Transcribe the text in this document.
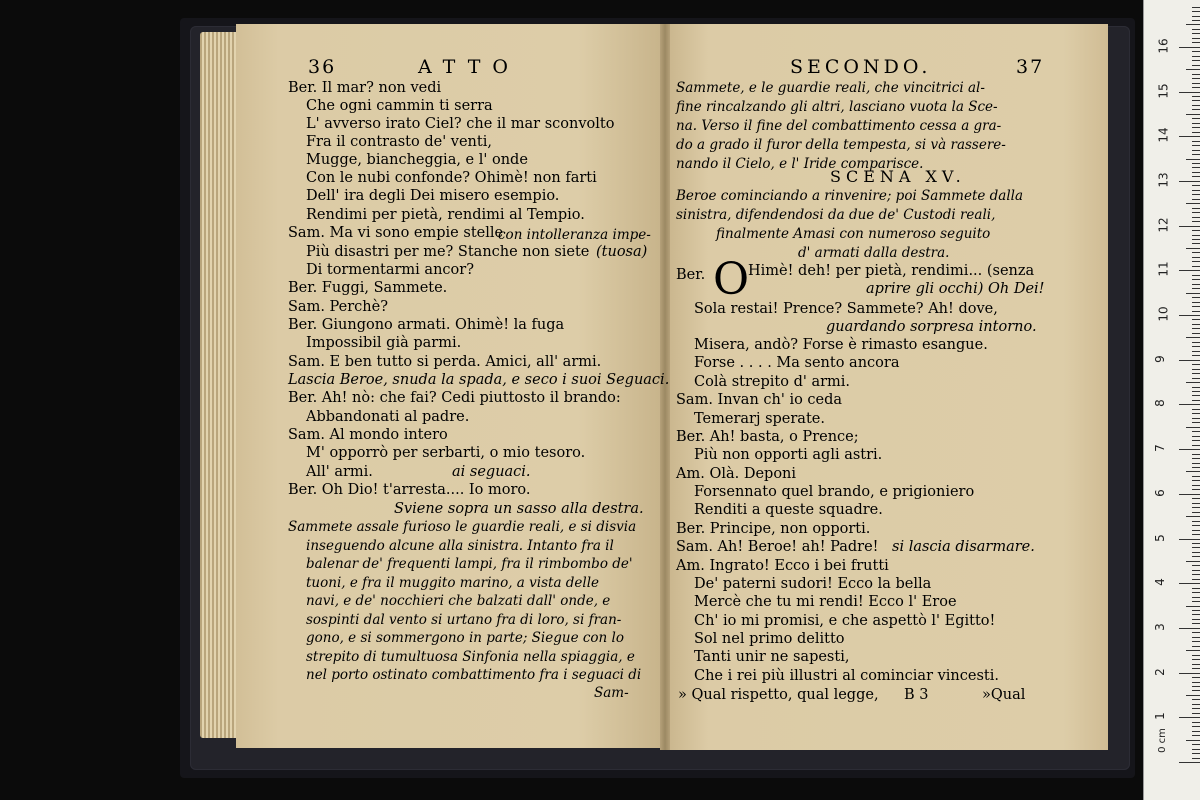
36	ATTO
Ber. Il mar? non vedi
Che ogni cammin ti serra
L' avverso irato Ciel? che il mar sconvolto
Fra il contrasto de' venti,
Mugge, biancheggia, e l' onde
Con le nubi confonde? Ohimè! non farti
Dell' ira degli Dei misero esempio.
Rendimi per pietà, rendimi al Tempio.
Sam. Ma vi sono empie stelle
con intolleranza impe-
Più disastri per me? Stanche non siete (tuosa)
Di tormentarmi ancor?
Ber. Fuggi, Sammete.
Sam. Perchè?
Ber. Giungono armati. Ohimè! la fuga
Impossibil già parmi.
Sam. E ben tutto si perda. Amici, all' armi.
Lascia Beroe, snuda la spada, e seco i suoi Seguaci.
Ber. Ah! nò: che fai? Cedi piuttosto il brando:
Abbandonati al padre.
Sam. Al mondo intero
M' opporrò per serbarti, o mio tesoro.
All' armi.	ai seguaci.
Ber. Oh Dio! t'arresta.... Io moro.
Sviene sopra un sasso alla destra.
Sammete assale furioso le guardie reali, e si disvia
inseguendo alcune alla sinistra. Intanto fra il
balenar de' frequenti lampi, fra il rimbombo de'
tuoni, e fra il muggito marino, a vista delle
navi, e de' nocchieri che balzati dall' onde, e
sospinti dal vento si urtano fra di loro, si fran-
gono, e si sommergono in parte; Siegue con lo
strepito di tumultuosa Sinfonia nella spiaggia, e
nel porto ostinato combattimento fra i seguaci di
Sam-
SECONDO.	37
Sammete, e le guardie reali, che vincitrici al-
fine rincalzando gli altri, lasciano vuota la Sce-
na. Verso il fine del combattimento cessa a gra-
do a grado il furor della tempesta, si và rassere-
nando il Cielo, e l' Iride comparisce.
SCENA XV.
Beroe cominciando a rinvenire; poi Sammete dalla
sinistra, difendendosi da due de' Custodi reali,
finalmente Amasi con numeroso seguito
d' armati dalla destra.
Ber. O
Himè! deh! per pietà, rendimi... (senza
aprire gli occhi) Oh Dei!
Sola restai! Prence? Sammete? Ah! dove,
guardando sorpresa intorno.
Misera, andò? Forse è rimasto esangue.
Forse . . . . Ma sento ancora
Colà strepito d' armi.
Sam. Invan ch' io ceda
Temerarj sperate.
Ber. Ah! basta, o Prence;
Più non opporti agli astri.
Am. Olà. Deponi
Forsennato quel brando, e prigioniero
Renditi a queste squadre.
Ber. Principe, non opporti.
Sam. Ah! Beroe! ah! Padre! si lascia disarmare.
Am. Ingrato! Ecco i bei frutti
De' paterni sudori! Ecco la bella
Mercè che tu mi rendi! Ecco l' Eroe
Ch' io mi promisi, e che aspettò l' Egitto!
Sol nel primo delitto
Tanti unir ne sapesti,
Che i rei più illustri al cominciar vincesti.
» Qual rispetto, qual legge, B 3	»Qual
0 cm
1
2
3
4
5
6
7
8
9
10
11
12
13
14
15
16
